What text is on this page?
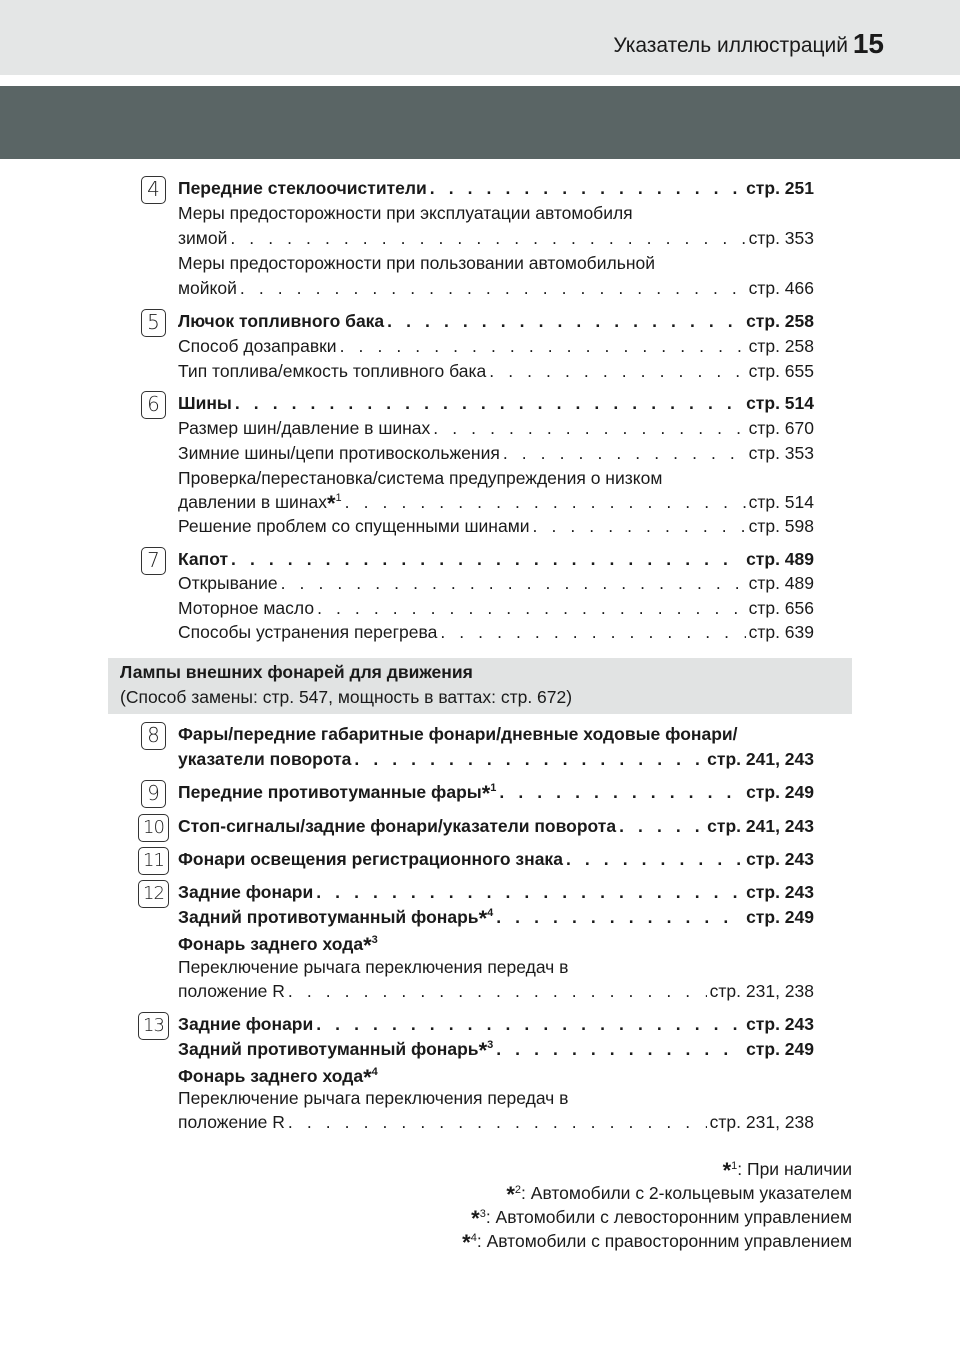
Указатель иллюстраций 15
4	Передние стеклоочистители . . .	стр. 251
Меры предосторожности при эксплуатации автомобиля
зимой . . .	стр. 353
Меры предосторожности при пользовании автомобильной
мойкой . . .	стр. 466
5	Лючок топливного бака . . .	стр. 258
Способ дозаправки . . .	стр. 258
Тип топлива/емкость топливного бака . . .	стр. 655
6	Шины . . .	стр. 514
Размер шин/давление в шинах . . .	стр. 670
Зимние шины/цепи противоскольжения . . .	стр. 353
Проверка/перестановка/система предупреждения о низком
давлении в шинах*$^1$ . . .	стр. 514
Решение проблем со спущенными шинами . . .	стр. 598
7	Капот . . .	стр. 489
Открывание . . .	стр. 489
Моторное масло . . .	стр. 656
Способы устранения перегрева . . .	стр. 639
Лампы внешних фонарей для движения
(Способ замены: стр. 547, мощность в ваттах: стр. 672)
8	Фары/передние габаритные фонари/дневные ходовые фонари/
указатели поворота . . .	стр. 241, 243
9	Передние противотуманные фары*$^1$ . . .	стр. 249
10 Стоп-сигналы/задние фонари/указатели поворота . . .	стр. 241, 243
11 Фонари освещения регистрационного знака . . .	стр. 243
12 Задние фонари . . .	стр. 243
Задний противотуманный фонарь*$^4$ . . .	стр. 249
Фонарь заднего хода*$^3$
Переключение рычага переключения передач в
положение R . . .	стр. 231, 238
13 Задние фонари . . .	стр. 243
Задний противотуманный фонарь*$^3$ . . .	стр. 249
Фонарь заднего хода*$^4$
Переключение рычага переключения передач в
положение R . . .	стр. 231, 238
*$^1$: При наличии
*$^2$: Автомобили с 2-кольцевым указателем
*$^3$: Автомобили с левосторонним управлением
*$^4$: Автомобили с правосторонним управлением
